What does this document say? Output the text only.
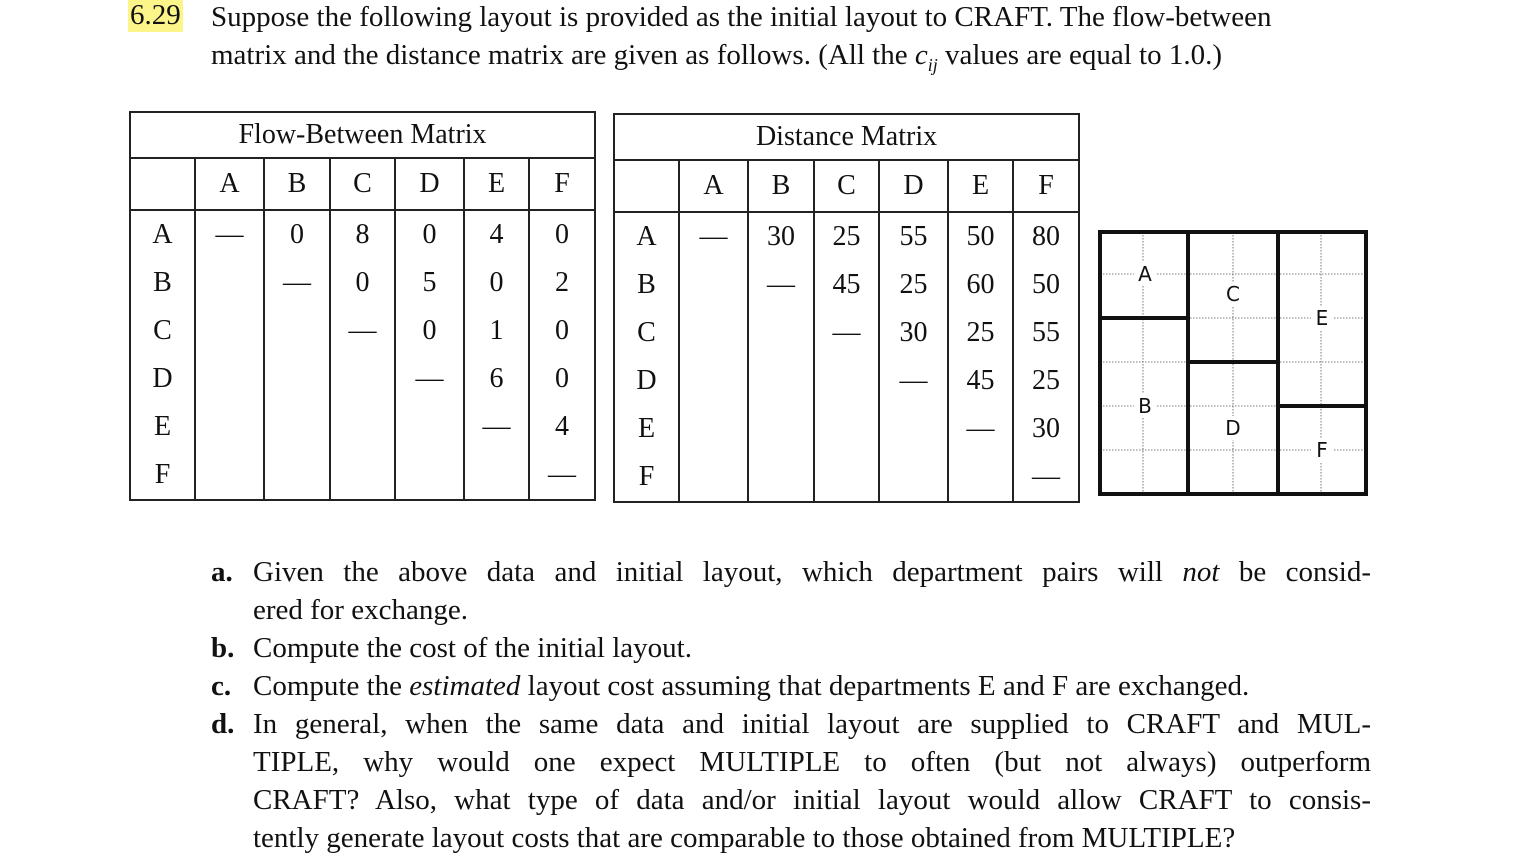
6.29 Suppose the following layout is provided as the initial layout to CRAFT. The flow-between
matrix and the distance matrix are given as follows. (All the $c_{ij}$ values are equal to 1.0.)
Flow-Between Matrix						
	A	B	C	D	E	F
A	—	0	8	0	4	0
B		—	0	5	0	2
C			—	0	1	0
D				—	6	0
E					—	4
F						—
Distance Matrix						
	A	B	C	D	E	F
A	—	30	25	55	50	80
B		—	45	25	60	50
C			—	30	25	55
D				—	45	25
E					—	30
F						—
A
B
C
D
E
F
a. Given the above data and initial layout, which department pairs will not be consid-
ered for exchange.
b. Compute the cost of the initial layout.
c. Compute the estimated layout cost assuming that departments E and F are exchanged.
d. In general, when the same data and initial layout are supplied to CRAFT and MUL-
TIPLE, why would one expect MULTIPLE to often (but not always) outperform
CRAFT? Also, what type of data and/or initial layout would allow CRAFT to consis-
tently generate layout costs that are comparable to those obtained from MULTIPLE?
